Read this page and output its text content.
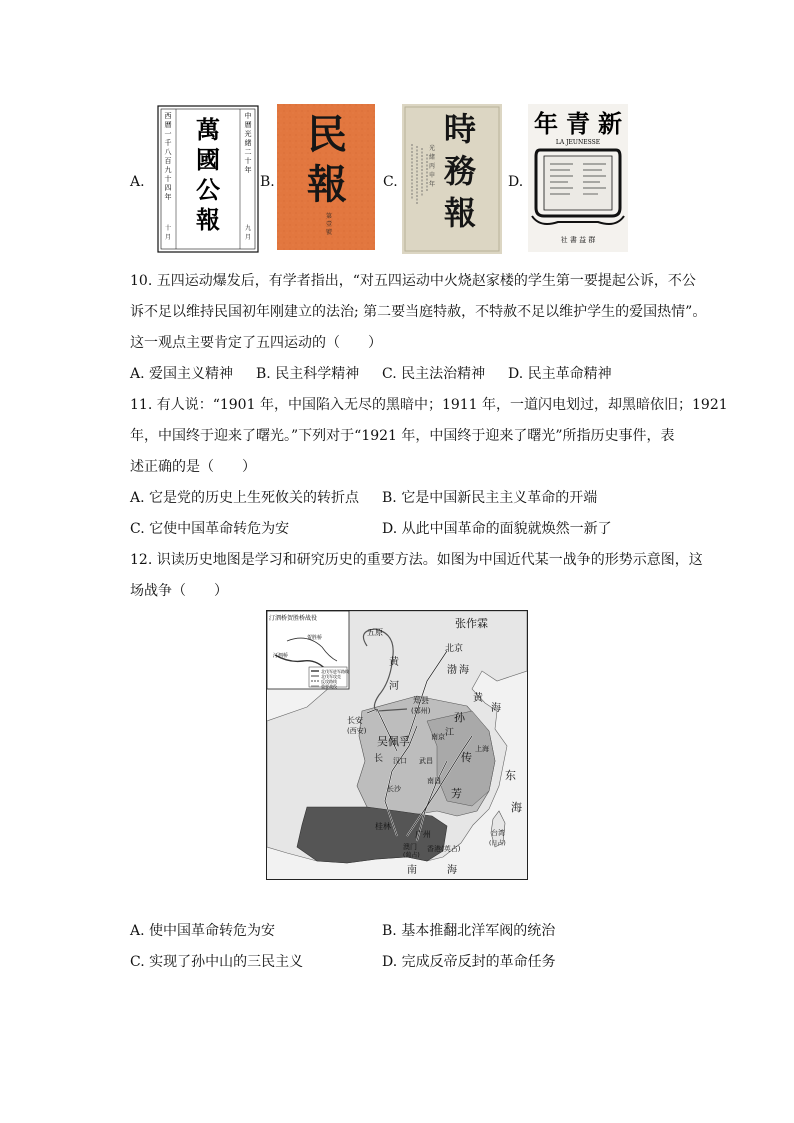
A.
萬
國
公
報
中
曆
光
緒
二
十
年
西
曆
一
千
八
百
九
十
四
年
九
月
十
月
B.
民
報
第
壹
號
C.
時
務
報
光
緒
丙
申
年	D.
年 青 新
LA JEUNESSE
社 書 益 群
10. 五四运动爆发后，有学者指出，“对五四运动中火烧赵家楼的学生第一要提起公诉，不公
诉不足以维持民国初年刚建立的法治; 第二要当庭特赦，不特赦不足以维护学生的爱国热情”。
这一观点主要肯定了五四运动的（　　）
A. 爱国主义精神 B. 民主科学精神 C. 民主法治精神 D. 民主革命精神
11. 有人说：“1901 年，中国陷入无尽的黑暗中；1911 年，一道闪电划过，却黑暗依旧；1921
年，中国终于迎来了曙光。”下列对于“1921 年，中国终于迎来了曙光”所指历史事件，表
述正确的是（　　）
A. 它是党的历史上生死攸关的转折点 B. 它是中国新民主主义革命的开端
C. 它使中国革命转危为安	D. 从此中国革命的面貌就焕然一新了
12. 识读历史地图是学习和研究历史的重要方法。如图为中国近代某一战争的形势示意图，这
场战争（　　）
汀泗桥贺胜桥战役
贺胜桥
汀泗桥
北伐军进军路线
北伐军攻克
反攻路线
重要战役
五原
张作霖
北京
渤 海
黄
河
黄
海
长安
(西安)
郑县
(郑州)
吴佩孚
孙
南京
上海
汉口 武昌
江
长	传
南昌
芳
长沙
东
海
桂林
广州
澳门
(葡占)
香港(英占)
台湾
(日占)
南	海
A. 使中国革命转危为安	B. 基本推翻北洋军阀的统治
C. 实现了孙中山的三民主义	D. 完成反帝反封的革命任务
